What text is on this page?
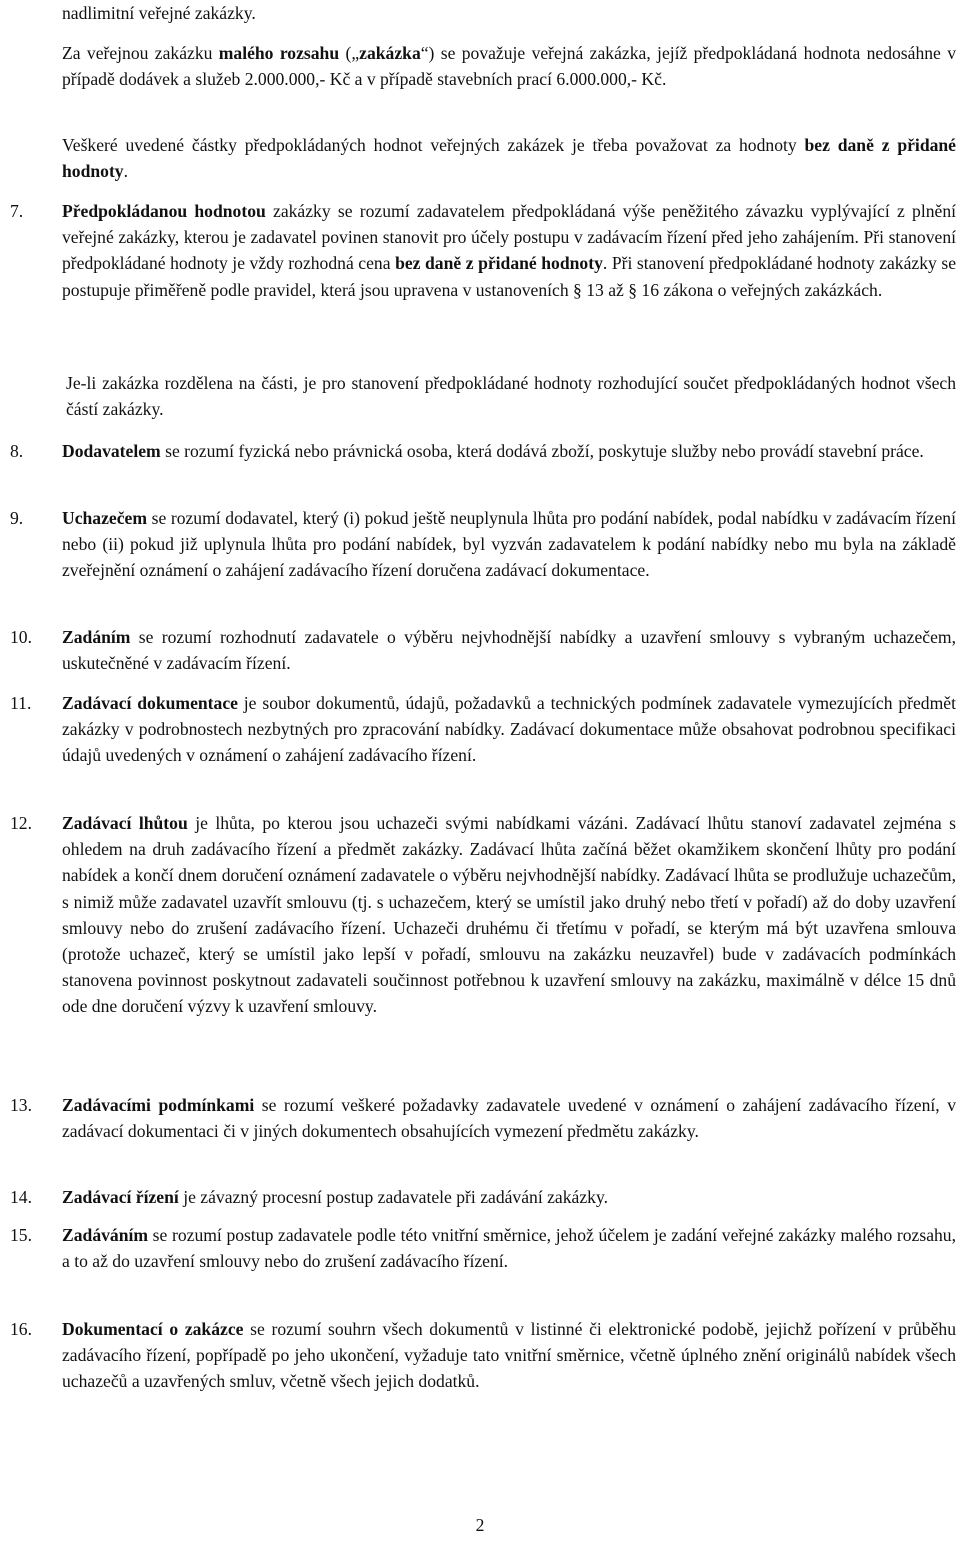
nadlimitní veřejné zakázky.

Za veřejnou zakázku malého rozsahu („zakázka“) se považuje veřejná zakázka, jejíž předpokládaná hodnota nedosáhne v případě dodávek a služeb 2.000.000,- Kč a v případě stavebních prací 6.000.000,- Kč.

Veškeré uvedené částky předpokládaných hodnot veřejných zakázek je třeba považovat za hodnoty bez daně z přidané hodnoty.

7. Předpokládanou hodnotou zakázky se rozumí zadavatelem předpokládaná výše peněžitého závazku vyplývající z plnění veřejné zakázky, kterou je zadavatel povinen stanovit pro účely postupu v zadávacím řízení před jeho zahájením. Při stanovení předpokládané hodnoty je vždy rozhodná cena bez daně z přidané hodnoty. Při stanovení předpokládané hodnoty zakázky se postupuje přiměřeně podle pravidel, která jsou upravena v ustanoveních § 13 až § 16 zákona o veřejných zakázkách.

Je-li zakázka rozdělena na části, je pro stanovení předpokládané hodnoty rozhodující součet předpokládaných hodnot všech částí zakázky.

8. Dodavatelem se rozumí fyzická nebo právnická osoba, která dodává zboží, poskytuje služby nebo provádí stavební práce.

9. Uchazečem se rozumí dodavatel, který (i) pokud ještě neuplynula lhůta pro podání nabídek, podal nabídku v zadávacím řízení nebo (ii) pokud již uplynula lhůta pro podání nabídek, byl vyzván zadavatelem k podání nabídky nebo mu byla na základě zveřejnění oznámení o zahájení zadávacího řízení doručena zadávací dokumentace.

10. Zadáním se rozumí rozhodnutí zadavatele o výběru nejvhodnější nabídky a uzavření smlouvy s vybraným uchazečem, uskutečněné v zadávacím řízení.

11. Zadávací dokumentace je soubor dokumentů, údajů, požadavků a technických podmínek zadavatele vymezujících předmět zakázky v podrobnostech nezbytných pro zpracování nabídky. Zadávací dokumentace může obsahovat podrobnou specifikaci údajů uvedených v oznámení o zahájení zadávacího řízení.

12. Zadávací lhůtou je lhůta, po kterou jsou uchazeči svými nabídkami vázáni. Zadávací lhůtu stanoví zadavatel zejména s ohledem na druh zadávacího řízení a předmět zakázky. Zadávací lhůta začíná běžet okamžikem skončení lhůty pro podání nabídek a končí dnem doručení oznámení zadavatele o výběru nejvhodnější nabídky. Zadávací lhůta se prodlužuje uchazečům, s nimiž může zadavatel uzavřít smlouvu (tj. s uchazečem, který se umístil jako druhý nebo třetí v pořadí) až do doby uzavření smlouvy nebo do zrušení zadávacího řízení. Uchazeči druhému či třetímu v pořadí, se kterým má být uzavřena smlouva (protože uchazeč, který se umístil jako lepší v pořadí, smlouvu na zakázku neuzavřel) bude v zadávacích podmínkách stanovena povinnost poskytnout zadavateli součinnost potřebnou k uzavření smlouvy na zakázku, maximálně v délce 15 dnů ode dne doručení výzvy k uzavření smlouvy.

13. Zadávacími podmínkami se rozumí veškeré požadavky zadavatele uvedené v oznámení o zahájení zadávacího řízení, v zadávací dokumentaci či v jiných dokumentech obsahujících vymezení předmětu zakázky.

14. Zadávací řízení je závazný procesní postup zadavatele při zadávání zakázky.

15. Zadáváním se rozumí postup zadavatele podle této vnitřní směrnice, jehož účelem je zadání veřejné zakázky malého rozsahu, a to až do uzavření smlouvy nebo do zrušení zadávacího řízení.

16. Dokumentací o zakázce se rozumí souhrn všech dokumentů v listinné či elektronické podobě, jejichž pořízení v průběhu zadávacího řízení, popřípadě po jeho ukončení, vyžaduje tato vnitřní směrnice, včetně úplného znění originálů nabídek všech uchazečů a uzavřených smluv, včetně všech jejich dodatků.

2
